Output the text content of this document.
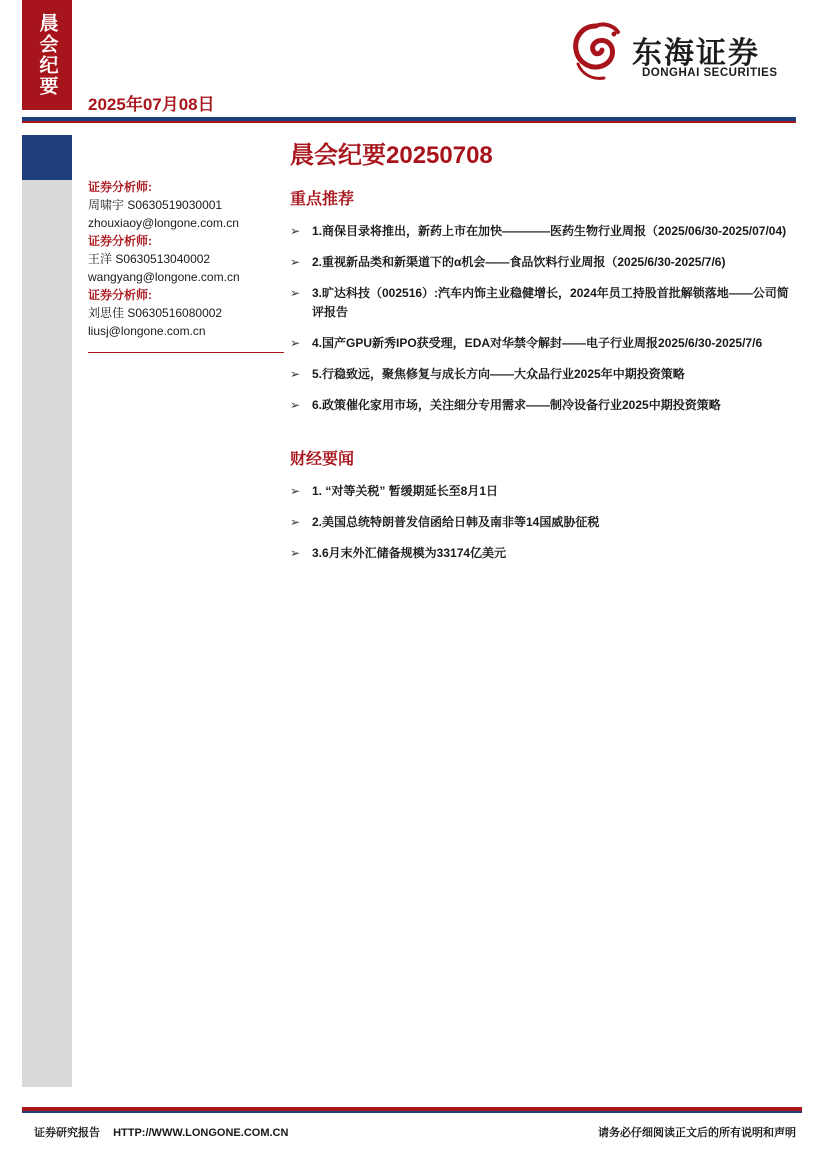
晨会纪要
2025年07月08日
东海证券
DONGHAI SECURITIES
证券分析师:
周啸宇 S0630519030001
zhouxiaoy@longone.com.cn
证券分析师:
王洋 S0630513040002
wangyang@longone.com.cn
证券分析师:
刘思佳 S0630516080002
liusj@longone.com.cn
晨会纪要20250708
重点推荐
➢ 1.商保目录将推出，新药上市在加快————医药生物行业周报（2025/06/30-2025/07/04)
➢ 2.重视新品类和新渠道下的α机会——食品饮料行业周报（2025/6/30-2025/7/6)
➢ 3.旷达科技（002516）:汽车内饰主业稳健增长，2024年员工持股首批解锁落地——公司简评报告
➢ 4.国产GPU新秀IPO获受理，EDA对华禁令解封——电子行业周报2025/6/30-2025/7/6
➢ 5.行稳致远，聚焦修复与成长方向——大众品行业2025年中期投资策略
➢ 6.政策催化家用市场，关注细分专用需求——制冷设备行业2025中期投资策略
财经要闻
➢ 1. “对等关税” 暂缓期延长至8月1日
➢ 2.美国总统特朗普发信函给日韩及南非等14国威胁征税
➢ 3.6月末外汇储备规模为33174亿美元
证券研究报告 HTTP://WWW.LONGONE.COM.CN	请务必仔细阅读正文后的所有说明和声明
